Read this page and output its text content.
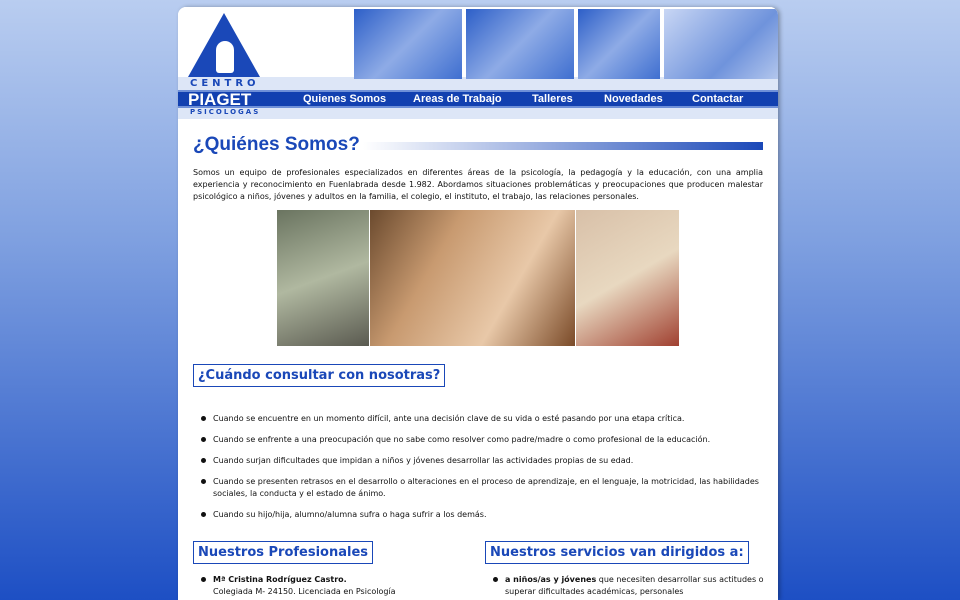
CENTRO
PIAGET	Quienes Somos Areas de Trabajo	Talleres	Novedades	Contactar
PSICOLOGAS
¿Quiénes Somos?

Somos un equipo de profesionales especializados en diferentes áreas de la psicología, la pedagogía y la educación, con una amplia experiencia y reconocimiento en Fuenlabrada desde 1.982. Abordamos situaciones problemáticas y preocupaciones que producen malestar psicológico a niños, jóvenes y adultos en la familia, el colegio, el instituto, el trabajo, las relaciones personales.

¿Cuándo consultar con nosotras?
Cuando se encuentre en un momento difícil, ante una decisión clave de su vida o esté pasando por una etapa crítica.
Cuando se enfrente a una preocupación que no sabe como resolver como padre/madre o como profesional de la educación.
Cuando surjan dificultades que impidan a niños y jóvenes desarrollar las actividades propias de su edad.
Cuando se presenten retrasos en el desarrollo o alteraciones en el proceso de aprendizaje, en el lenguaje, la motricidad, las habilidades sociales, la conducta y el estado de ánimo.
Cuando su hijo/hija, alumno/alumna sufra o haga sufrir a los demás.
Nuestros Profesionales
Mª Cristina Rodríguez Castro.
Colegiada M- 24150. Licenciada en Psicología
Nuestros servicios van dirigidos a:
a niños/as y jóvenes que necesiten desarrollar sus actitudes o superar dificultades académicas, personales
